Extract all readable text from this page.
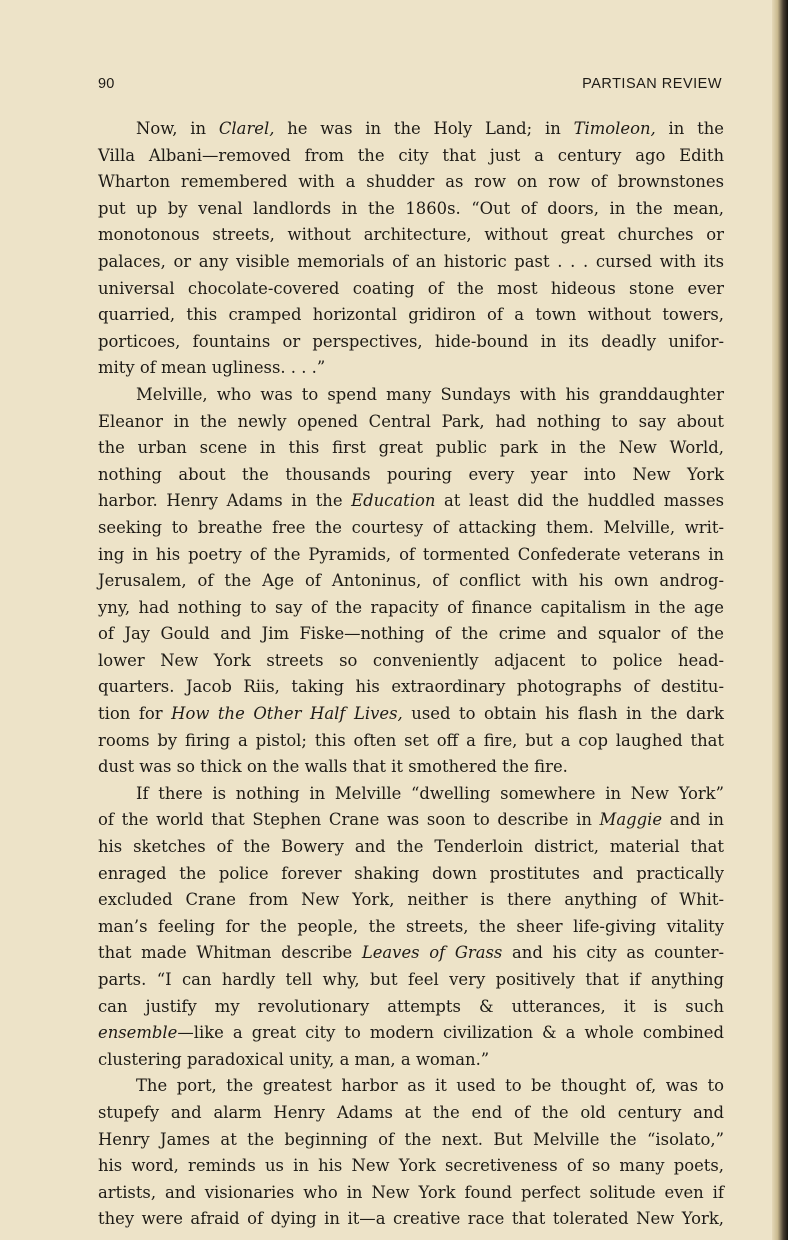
90	PARTISAN REVIEW

Now, in Clarel, he was in the Holy Land; in Timoleon, in the
Villa Albani—removed from the city that just a century ago Edith
Wharton remembered with a shudder as row on row of brownstones
put up by venal landlords in the 1860s. “Out of doors, in the mean,
monotonous streets, without architecture, without great churches or
palaces, or any visible memorials of an historic past . . . cursed with its
universal chocolate-covered coating of the most hideous stone ever
quarried, this cramped horizontal gridiron of a town without towers,
porticoes, fountains or perspectives, hide-bound in its deadly unifor-
mity of mean ugliness. . . .”

Melville, who was to spend many Sundays with his granddaughter
Eleanor in the newly opened Central Park, had nothing to say about
the urban scene in this first great public park in the New World,
nothing about the thousands pouring every year into New York
harbor. Henry Adams in the Education at least did the huddled masses
seeking to breathe free the courtesy of attacking them. Melville, writ-
ing in his poetry of the Pyramids, of tormented Confederate veterans in
Jerusalem, of the Age of Antoninus, of conflict with his own androg-
yny, had nothing to say of the rapacity of finance capitalism in the age
of Jay Gould and Jim Fiske—nothing of the crime and squalor of the
lower New York streets so conveniently adjacent to police head-
quarters. Jacob Riis, taking his extraordinary photographs of destitu-
tion for How the Other Half Lives, used to obtain his flash in the dark
rooms by firing a pistol; this often set off a fire, but a cop laughed that
dust was so thick on the walls that it smothered the fire.

If there is nothing in Melville “dwelling somewhere in New York”
of the world that Stephen Crane was soon to describe in Maggie and in
his sketches of the Bowery and the Tenderloin district, material that
enraged the police forever shaking down prostitutes and practically
excluded Crane from New York, neither is there anything of Whit-
man’s feeling for the people, the streets, the sheer life-giving vitality
that made Whitman describe Leaves of Grass and his city as counter-
parts. “I can hardly tell why, but feel very positively that if anything
can justify my revolutionary attempts & utterances, it is such
ensemble—like a great city to modern civilization & a whole combined
clustering paradoxical unity, a man, a woman.”

The port, the greatest harbor as it used to be thought of, was to
stupefy and alarm Henry Adams at the end of the old century and
Henry James at the beginning of the next. But Melville the “isolato,”
his word, reminds us in his New York secretiveness of so many poets,
artists, and visionaries who in New York found perfect solitude even if
they were afraid of dying in it—a creative race that tolerated New York,
